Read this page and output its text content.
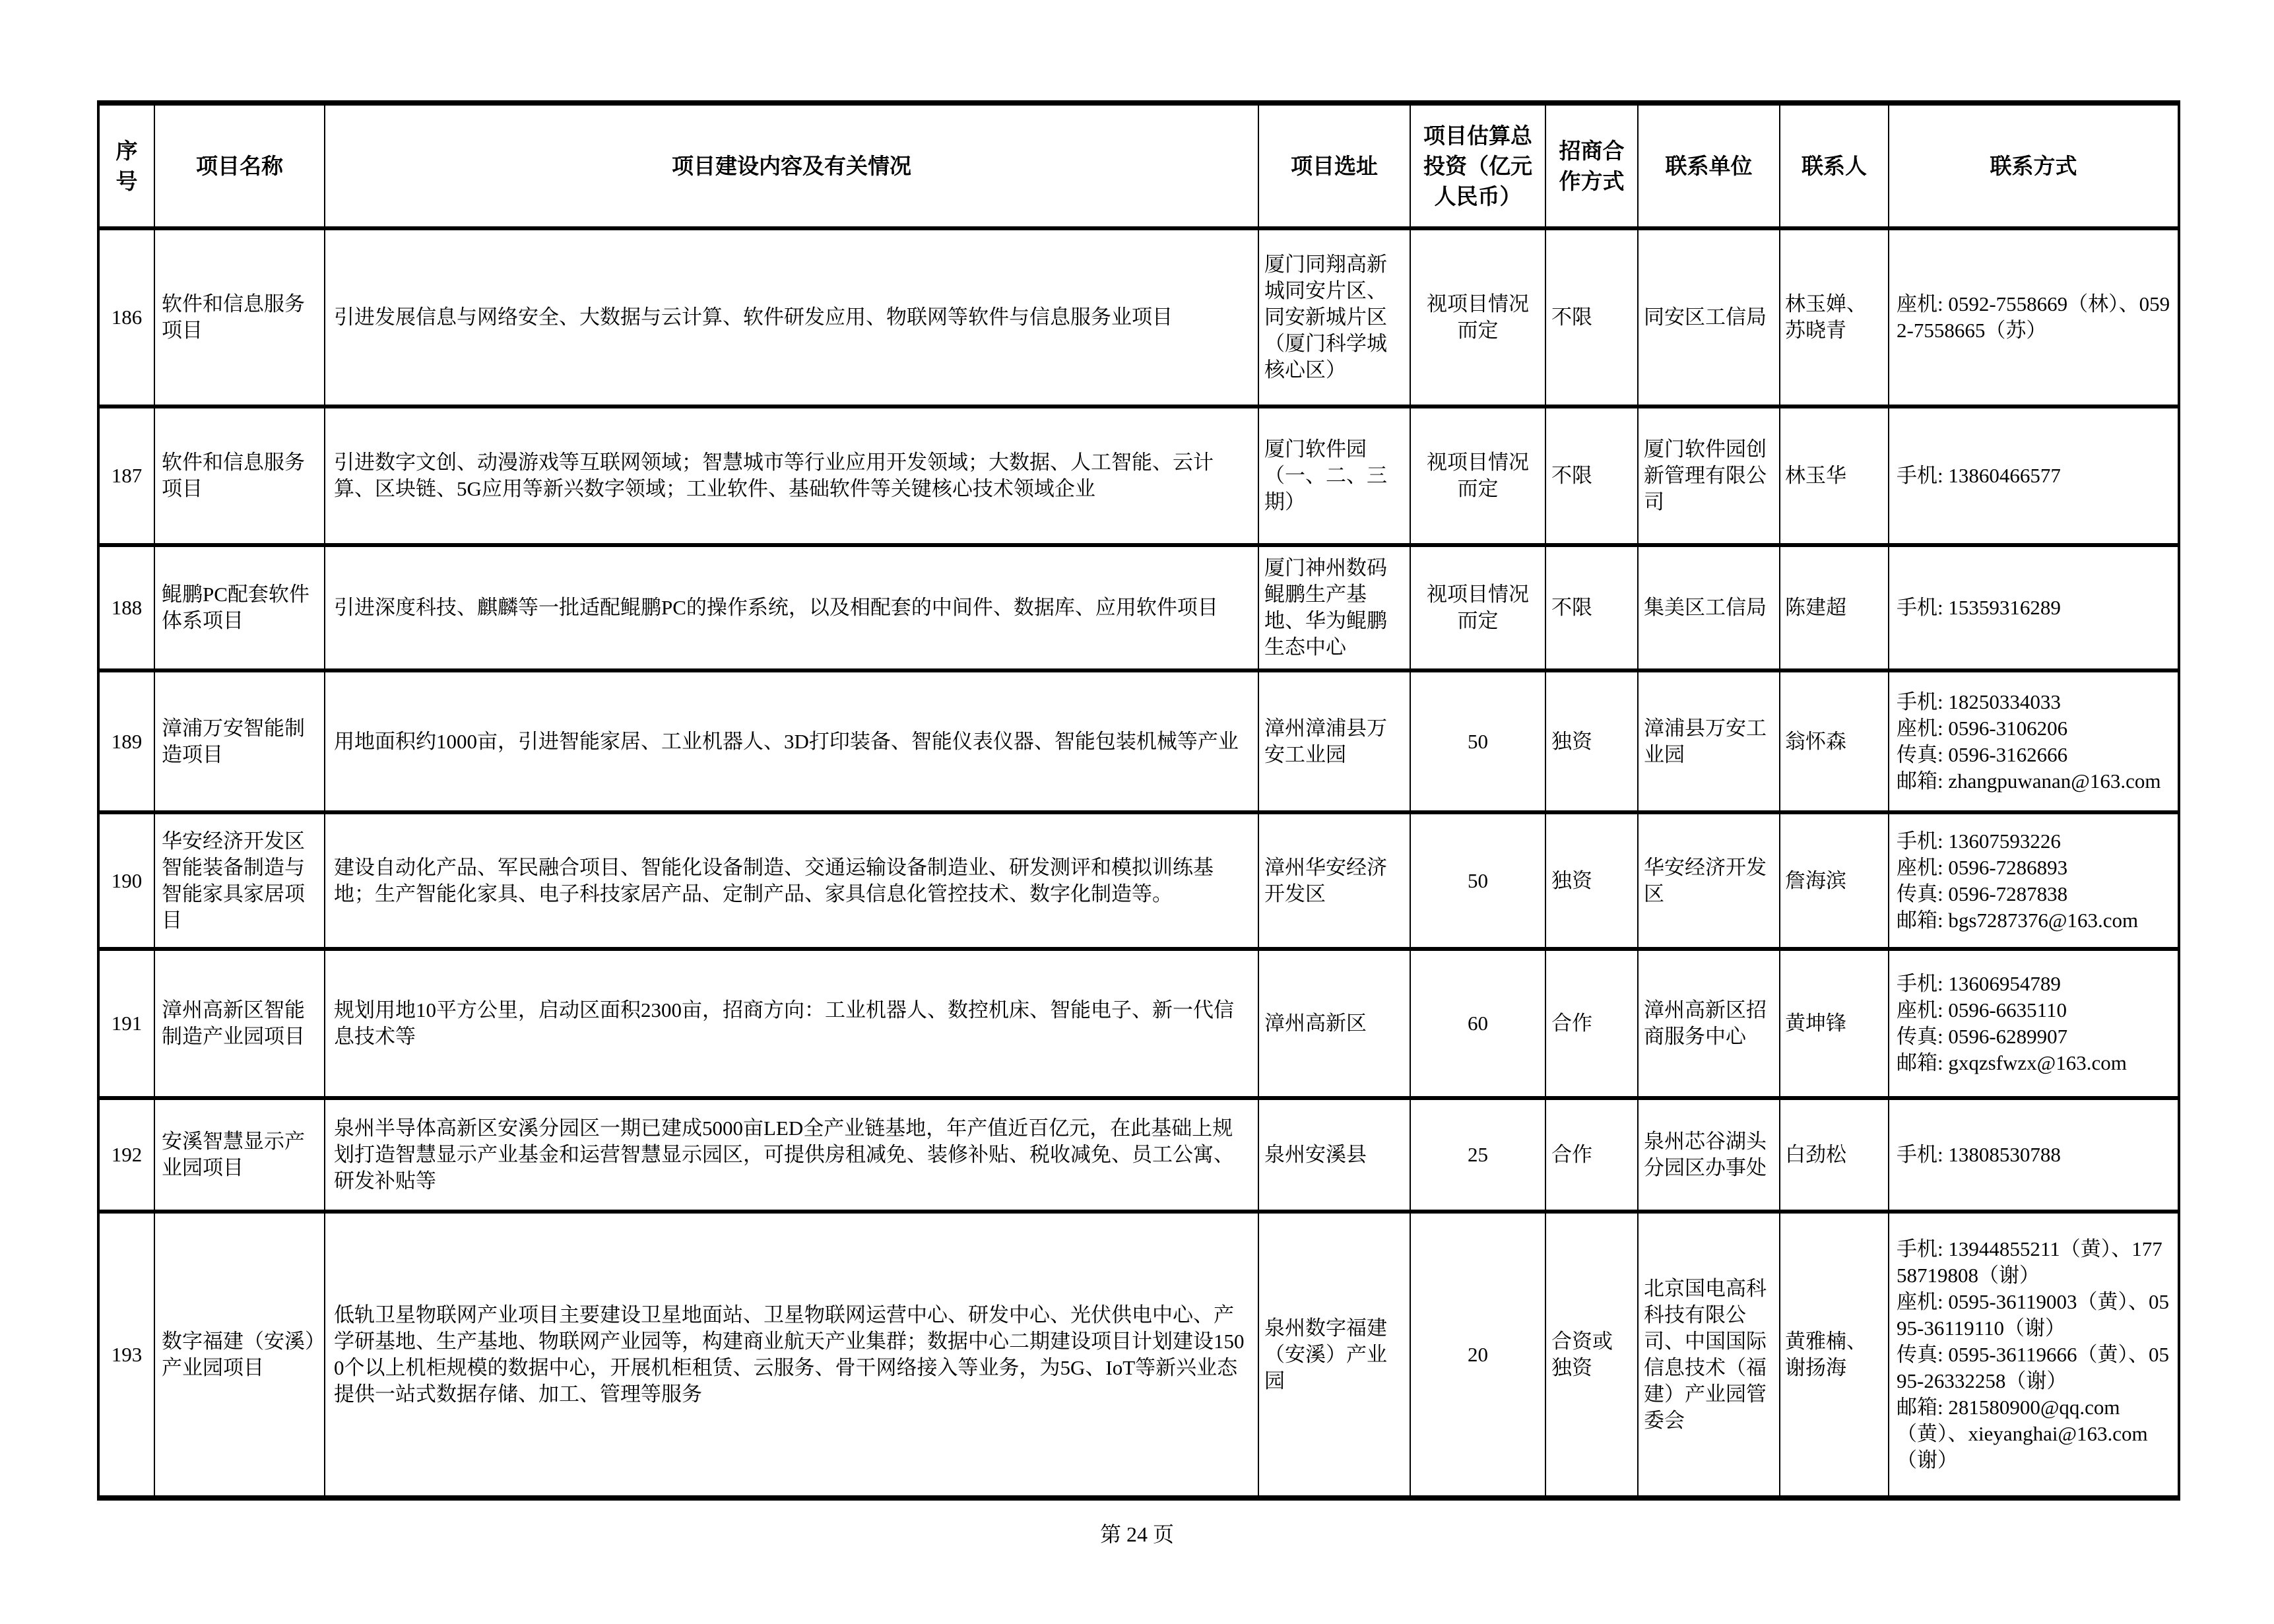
序号	项目名称	项目建设内容及有关情况	项目选址	项目估算总投资（亿元人民币）	招商合作方式	联系单位	联系人	联系方式
186	软件和信息服务项目	引进发展信息与网络安全、大数据与云计算、软件研发应用、物联网等软件与信息服务业项目	厦门同翔高新城同安片区、同安新城片区（厦门科学城核心区）	视项目情况而定	不限	同安区工信局	林玉婵、苏晓青	座机: 0592-7558669（林）、0592-7558665（苏）

187	软件和信息服务项目	引进数字文创、动漫游戏等互联网领域；智慧城市等行业应用开发领域；大数据、人工智能、云计算、区块链、5G应用等新兴数字领域；工业软件、基础软件等关键核心技术领域企业	厦门软件园（一、二、三期）	视项目情况而定	不限	厦门软件园创新管理有限公司	林玉华	手机: 13860466577

188	鲲鹏PC配套软件体系项目	引进深度科技、麒麟等一批适配鲲鹏PC的操作系统，以及相配套的中间件、数据库、应用软件项目	厦门神州数码鲲鹏生产基地、华为鲲鹏生态中心	视项目情况而定	不限	集美区工信局	陈建超	手机: 15359316289

189	漳浦万安智能制造项目	用地面积约1000亩，引进智能家居、工业机器人、3D打印装备、智能仪表仪器、智能包装机械等产业	漳州漳浦县万安工业园	50	独资	漳浦县万安工业园	翁怀森	手机: 18250334033
座机: 0596-3106206
传真: 0596-3162666
邮箱: zhangpuwanan@163.com

190	华安经济开发区智能装备制造与智能家具家居项目	建设自动化产品、军民融合项目、智能化设备制造、交通运输设备制造业、研发测评和模拟训练基地；生产智能化家具、电子科技家居产品、定制产品、家具信息化管控技术、数字化制造等。	漳州华安经济开发区	50	独资	华安经济开发区	詹海滨	手机: 13607593226
座机: 0596-7286893
传真: 0596-7287838
邮箱: bgs7287376@163.com

191	漳州高新区智能制造产业园项目	规划用地10平方公里，启动区面积2300亩，招商方向：工业机器人、数控机床、智能电子、新一代信息技术等	漳州高新区	60	合作	漳州高新区招商服务中心	黄坤锋	手机: 13606954789
座机: 0596-6635110
传真: 0596-6289907
邮箱: gxqzsfwzx@163.com

192	安溪智慧显示产业园项目	泉州半导体高新区安溪分园区一期已建成5000亩LED全产业链基地，年产值近百亿元，在此基础上规划打造智慧显示产业基金和运营智慧显示园区，可提供房租减免、装修补贴、税收减免、员工公寓、研发补贴等	泉州安溪县	25	合作	泉州芯谷湖头分园区办事处	白劲松	手机: 13808530788

193	数字福建（安溪）产业园项目	低轨卫星物联网产业项目主要建设卫星地面站、卫星物联网运营中心、研发中心、光伏供电中心、产学研基地、生产基地、物联网产业园等，构建商业航天产业集群；数据中心二期建设项目计划建设1500个以上机柜规模的数据中心，开展机柜租赁、云服务、骨干网络接入等业务，为5G、IoT等新兴业态提供一站式数据存储、加工、管理等服务	泉州数字福建（安溪）产业园	20	合资或独资	北京国电高科科技有限公司、中国国际信息技术（福建）产业园管委会	黄雅楠、谢扬海	手机: 13944855211（黄）、17758719808（谢）
座机: 0595-36119003（黄）、0595-36119110（谢）
传真: 0595-36119666（黄）、0595-26332258（谢）
邮箱: 281580900@qq.com（黄）、xieyanghai@163.com（谢）
第 24 页
